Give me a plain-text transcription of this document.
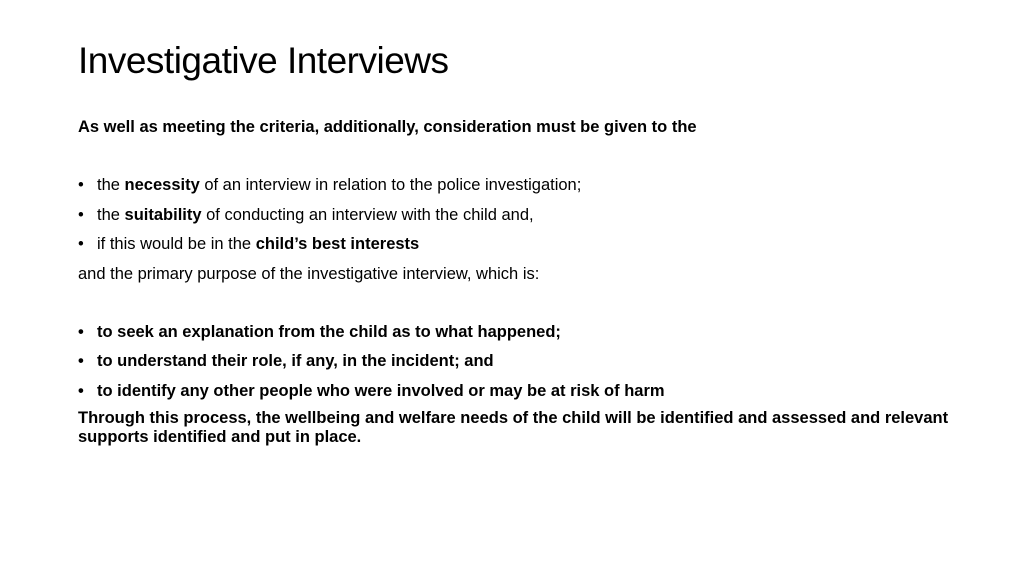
Investigative Interviews

As well as meeting the criteria, additionally, consideration must be given to the

• the necessity of an interview in relation to the police investigation;
• the suitability of conducting an interview with the child and,
• if this would be in the child’s best interests

and the primary purpose of the investigative interview, which is:

• to seek an explanation from the child as to what happened;
• to understand their role, if any, in the incident; and
• to identify any other people who were involved or may be at risk of harm

Through this process, the wellbeing and welfare needs of the child will be identified and assessed and relevant supports identified and put in place.
